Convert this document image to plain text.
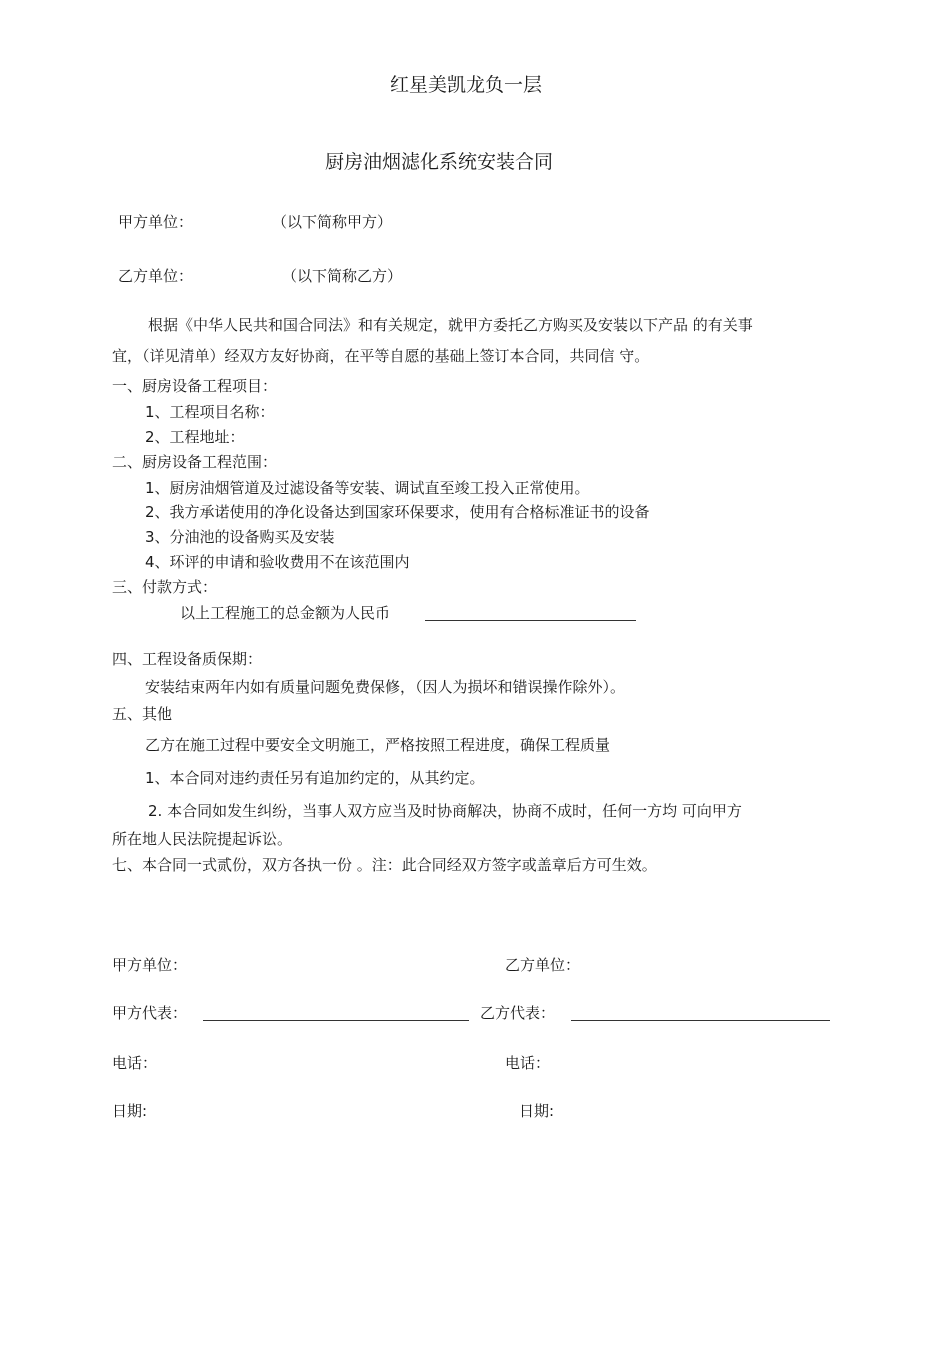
红星美凯龙负一层
厨房油烟滤化系统安装合同
甲方单位：	（以下简称甲方）
乙方单位：	（以下简称乙方）
根据《中华人民共和国合同法》和有关规定，就甲方委托乙方购买及安装以下产品 的有关事
宜，（详见清单）经双方友好协商，在平等自愿的基础上签订本合同，共同信 守。
一、厨房设备工程项目：
1、工程项目名称：
2、工程地址：
二、厨房设备工程范围：
1、厨房油烟管道及过滤设备等安装、调试直至竣工投入正常使用。
2、我方承诺使用的净化设备达到国家环保要求，使用有合格标准证书的设备
3、分油池的设备购买及安装
4、环评的申请和验收费用不在该范围内
三、付款方式：
以上工程施工的总金额为人民币
四、工程设备质保期：
安装结束两年内如有质量问题免费保修，（因人为损坏和错误操作除外）。
五、其他
乙方在施工过程中要安全文明施工，严格按照工程进度，确保工程质量
1、本合同对违约责任另有追加约定的，从其约定。
2. 本合同如发生纠纷，当事人双方应当及时协商解决，协商不成时，任何一方均 可向甲方
所在地人民法院提起诉讼。
七、本合同一式贰份，双方各执一份 。注：此合同经双方签字或盖章后方可生效。
甲方单位：	乙方单位：
甲方代表：	乙方代表：
电话：	电话：
日期:	日期:
